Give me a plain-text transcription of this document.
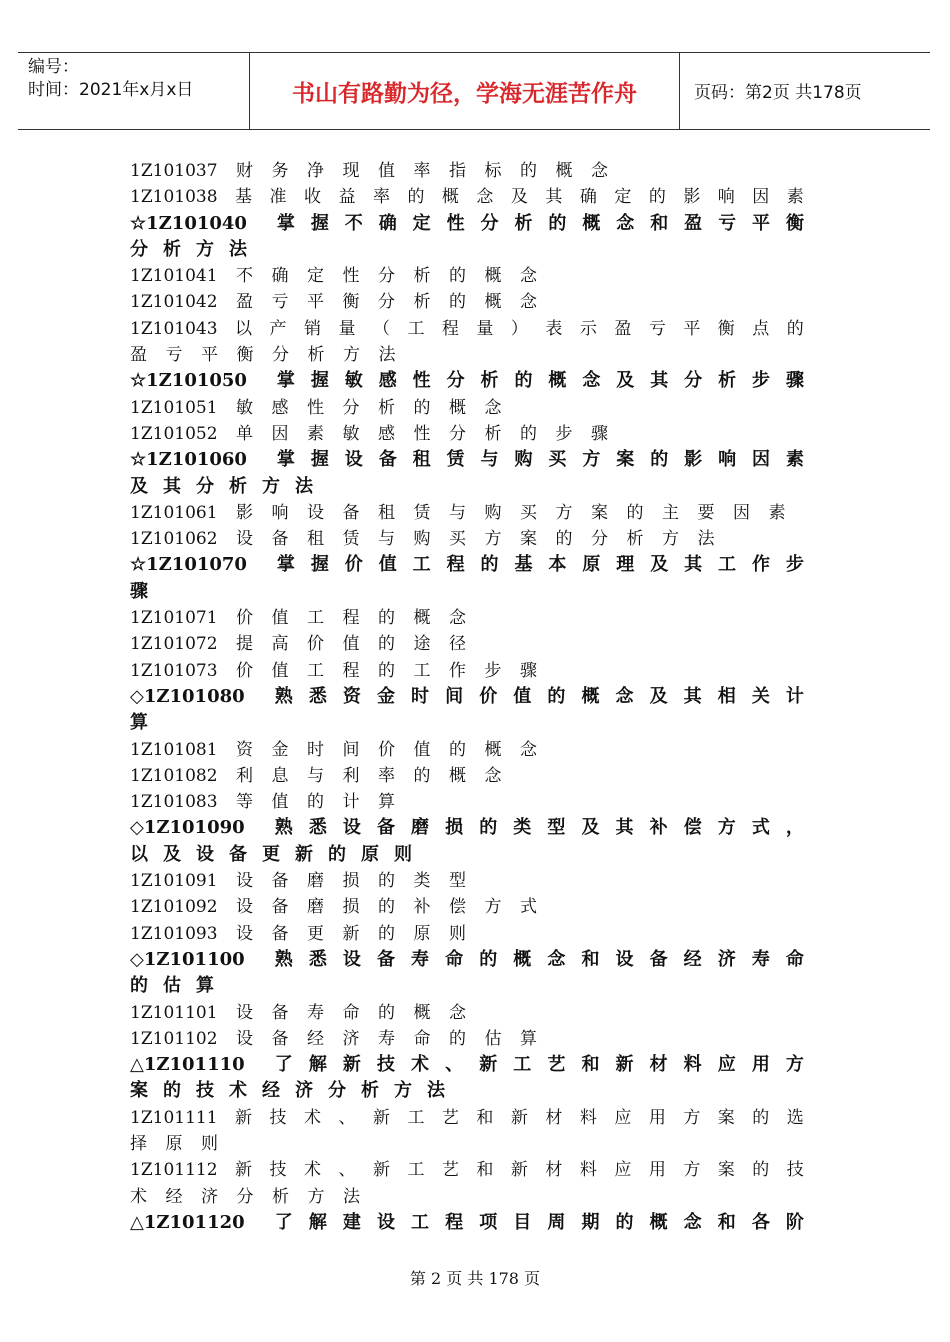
编号：
时间：2021年x月x日	书山有路勤为径，学海无涯苦作舟	页码：第2页 共178页
1Z101037 财 务 净 现 值 率 指 标 的 概 念
1Z101038 基 准 收 益 率 的 概 念 及 其 确 定 的 影 响 因 素
☆1Z101040 掌 握 不 确 定 性 分 析 的 概 念 和 盈 亏 平 衡
分 析 方 法
1Z101041 不 确 定 性 分 析 的 概 念
1Z101042 盈 亏 平 衡 分 析 的 概 念
1Z101043 以 产 销 量 （ 工 程 量 ） 表 示 盈 亏 平 衡 点 的
盈 亏 平 衡 分 析 方 法
☆1Z101050 掌 握 敏 感 性 分 析 的 概 念 及 其 分 析 步 骤
1Z101051 敏 感 性 分 析 的 概 念
1Z101052 单 因 素 敏 感 性 分 析 的 步 骤
☆1Z101060 掌 握 设 备 租 赁 与 购 买 方 案 的 影 响 因 素
及 其 分 析 方 法
1Z101061 影 响 设 备 租 赁 与 购 买 方 案 的 主 要 因 素
1Z101062 设 备 租 赁 与 购 买 方 案 的 分 析 方 法
☆1Z101070 掌 握 价 值 工 程 的 基 本 原 理 及 其 工 作 步
骤
1Z101071 价 值 工 程 的 概 念
1Z101072 提 高 价 值 的 途 径
1Z101073 价 值 工 程 的 工 作 步 骤
◇1Z101080 熟 悉 资 金 时 间 价 值 的 概 念 及 其 相 关 计
算
1Z101081 资 金 时 间 价 值 的 概 念
1Z101082 利 息 与 利 率 的 概 念
1Z101083 等 值 的 计 算
◇1Z101090 熟 悉 设 备 磨 损 的 类 型 及 其 补 偿 方 式 ，
以 及 设 备 更 新 的 原 则
1Z101091 设 备 磨 损 的 类 型
1Z101092 设 备 磨 损 的 补 偿 方 式
1Z101093 设 备 更 新 的 原 则
◇1Z101100 熟 悉 设 备 寿 命 的 概 念 和 设 备 经 济 寿 命
的 估 算
1Z101101 设 备 寿 命 的 概 念
1Z101102 设 备 经 济 寿 命 的 估 算
△1Z101110 了 解 新 技 术 、 新 工 艺 和 新 材 料 应 用 方
案 的 技 术 经 济 分 析 方 法
1Z101111 新 技 术 、 新 工 艺 和 新 材 料 应 用 方 案 的 选
择 原 则
1Z101112 新 技 术 、 新 工 艺 和 新 材 料 应 用 方 案 的 技
术 经 济 分 析 方 法
△1Z101120 了 解 建 设 工 程 项 目 周 期 的 概 念 和 各 阶
第 2 页 共 178 页
